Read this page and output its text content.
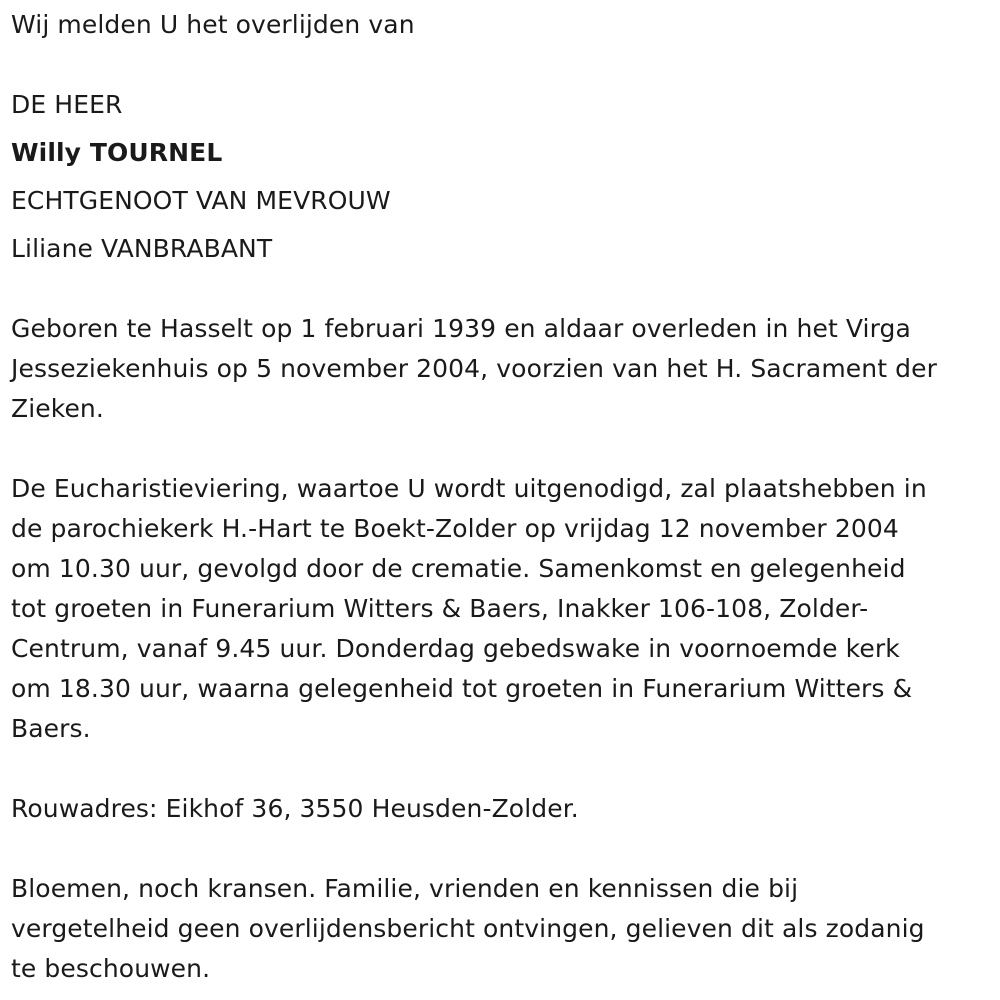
Wij melden U het overlijden van
DE HEER
Willy TOURNEL
ECHTGENOOT VAN MEVROUW
Liliane VANBRABANT
Geboren te Hasselt op 1 februari 1939 en aldaar overleden in het Virga
Jesseziekenhuis op 5 november 2004, voorzien van het H. Sacrament der
Zieken.
De Eucharistieviering, waartoe U wordt uitgenodigd, zal plaatshebben in
de parochiekerk H.-Hart te Boekt-Zolder op vrijdag 12 november 2004
om 10.30 uur, gevolgd door de crematie. Samenkomst en gelegenheid
tot groeten in Funerarium Witters & Baers, Inakker 106-108, Zolder-
Centrum, vanaf 9.45 uur. Donderdag gebedswake in voornoemde kerk
om 18.30 uur, waarna gelegenheid tot groeten in Funerarium Witters &
Baers.
Rouwadres: Eikhof 36, 3550 Heusden-Zolder.
Bloemen, noch kransen. Familie, vrienden en kennissen die bij
vergetelheid geen overlijdensbericht ontvingen, gelieven dit als zodanig
te beschouwen.
